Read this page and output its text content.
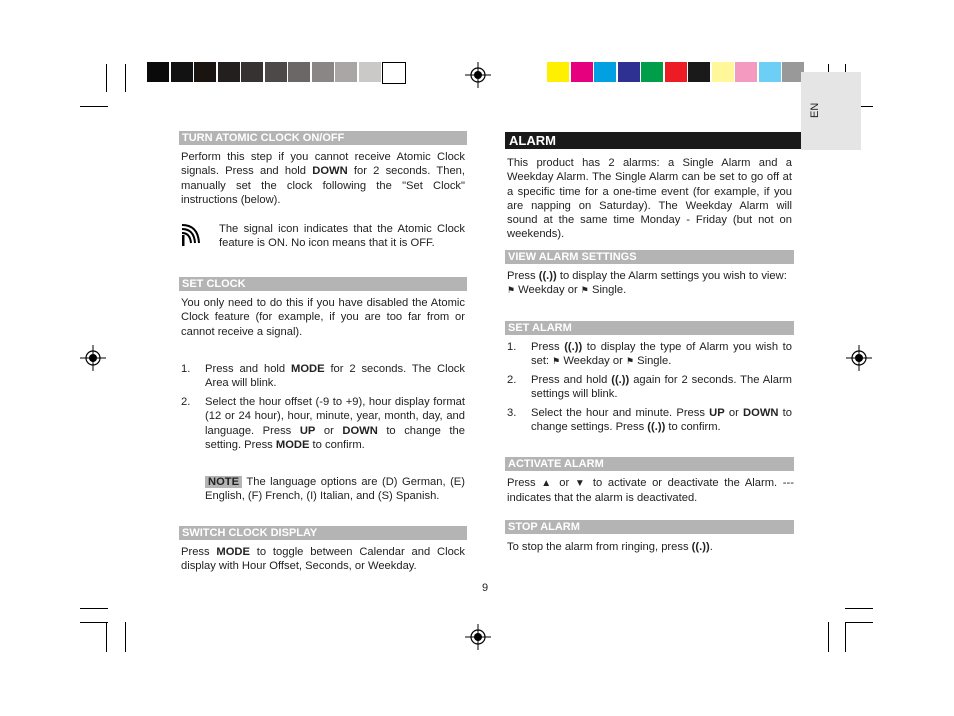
EN
TURN ATOMIC CLOCK ON/OFF
Perform this step if you cannot receive Atomic Clock signals. Press and hold DOWN for 2 seconds. Then, manually set the clock following the "Set Clock" instructions (below).
The signal icon indicates that the Atomic Clock feature is ON. No icon means that it is OFF.
SET CLOCK
You only need to do this if you have disabled the Atomic Clock feature (for example, if you are too far from or cannot receive a signal).
1. Press and hold MODE for 2 seconds. The Clock Area will blink.
2. Select the hour offset (-9 to +9), hour display format (12 or 24 hour), hour, minute, year, month, day, and language. Press UP or DOWN to change the setting. Press MODE to confirm.
NOTE The language options are (D) German, (E) English, (F) French, (I) Italian, and (S) Spanish.
SWITCH CLOCK DISPLAY
Press MODE to toggle between Calendar and Clock display with Hour Offset, Seconds, or Weekday.
9
ALARM
This product has 2 alarms: a Single Alarm and a Weekday Alarm. The Single Alarm can be set to go off at a specific time for a one-time event (for example, if you are napping on Saturday). The Weekday Alarm will sound at the same time Monday - Friday (but not on weekends).
VIEW ALARM SETTINGS
Press ((.)) to display the Alarm settings you wish to view:
⚑ Weekday or ⚑ Single.
SET ALARM
1. Press ((.)) to display the type of Alarm you wish to set: ⚑ Weekday or ⚑ Single.
2. Press and hold ((.)) again for 2 seconds. The Alarm settings will blink.
3. Select the hour and minute. Press UP or DOWN to change settings. Press ((.)) to confirm.
ACTIVATE ALARM
Press ▲ or ▼ to activate or deactivate the Alarm. --- indicates that the alarm is deactivated.
STOP ALARM
To stop the alarm from ringing, press ((.)).
